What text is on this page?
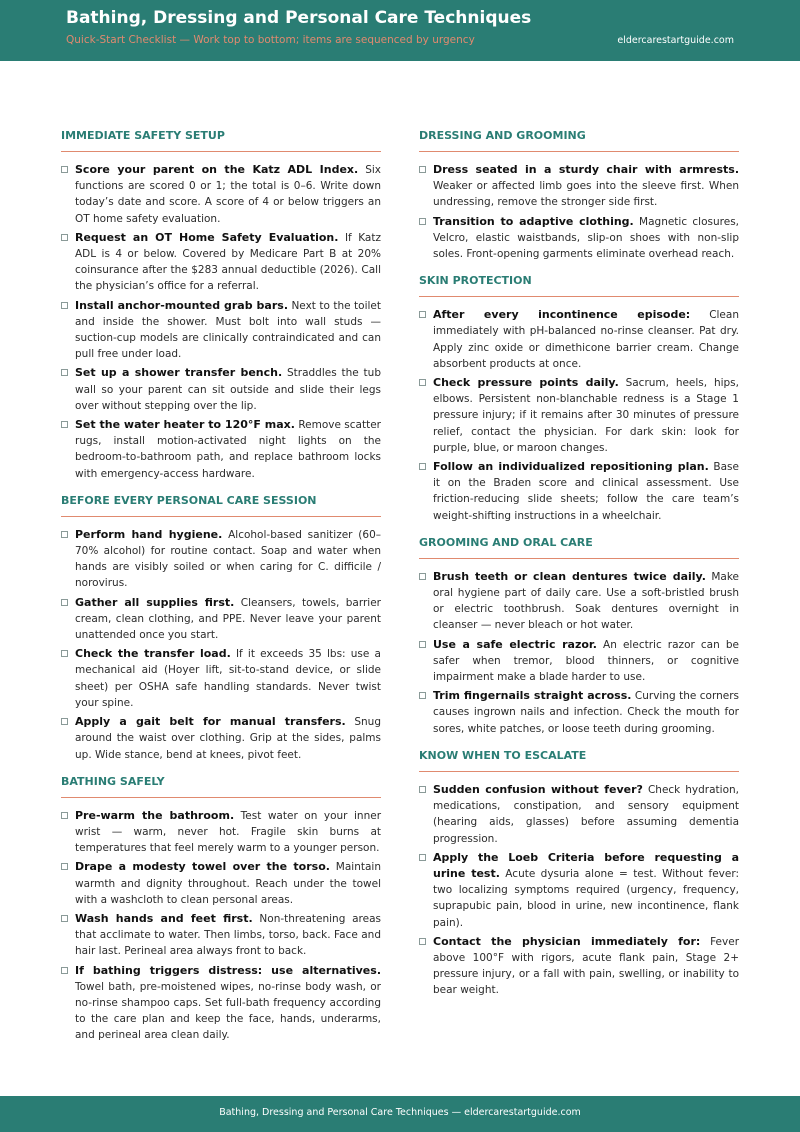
Bathing, Dressing and Personal Care Techniques
Quick-Start Checklist — Work top to bottom; items are sequenced by urgency	eldercarestartguide.com
IMMEDIATE SAFETY SETUP
Score your parent on the Katz ADL Index. Six functions are scored 0 or 1; the total is 0–6. Write down today’s date and score. A score of 4 or below triggers an OT home safety evaluation.
Request an OT Home Safety Evaluation. If Katz ADL is 4 or below. Covered by Medicare Part B at 20% coinsurance after the $283 annual deductible (2026). Call the physician’s office for a referral.
Install anchor-mounted grab bars. Next to the toilet and inside the shower. Must bolt into wall studs — suction-cup models are clinically contraindicated and can pull free under load.
Set up a shower transfer bench. Straddles the tub wall so your parent can sit outside and slide their legs over without stepping over the lip.
Set the water heater to 120°F max. Remove scatter rugs, install motion-activated night lights on the bedroom-to-bathroom path, and replace bathroom locks with emergency-access hardware.
BEFORE EVERY PERSONAL CARE SESSION
Perform hand hygiene. Alcohol-based sanitizer (60–70% alcohol) for routine contact. Soap and water when hands are visibly soiled or when caring for C. difficile / norovirus.
Gather all supplies first. Cleansers, towels, barrier cream, clean clothing, and PPE. Never leave your parent unattended once you start.
Check the transfer load. If it exceeds 35 lbs: use a mechanical aid (Hoyer lift, sit-to-stand device, or slide sheet) per OSHA safe handling standards. Never twist your spine.
Apply a gait belt for manual transfers. Snug around the waist over clothing. Grip at the sides, palms up. Wide stance, bend at knees, pivot feet.
BATHING SAFELY
Pre-warm the bathroom. Test water on your inner wrist — warm, never hot. Fragile skin burns at temperatures that feel merely warm to a younger person.
Drape a modesty towel over the torso. Maintain warmth and dignity throughout. Reach under the towel with a washcloth to clean personal areas.
Wash hands and feet first. Non-threatening areas that acclimate to water. Then limbs, torso, back. Face and hair last. Perineal area always front to back.
If bathing triggers distress: use alternatives. Towel bath, pre-moistened wipes, no-rinse body wash, or no-rinse shampoo caps. Set full-bath frequency according to the care plan and keep the face, hands, underarms, and perineal area clean daily.
DRESSING AND GROOMING
Dress seated in a sturdy chair with armrests. Weaker or affected limb goes into the sleeve first. When undressing, remove the stronger side first.
Transition to adaptive clothing. Magnetic closures, Velcro, elastic waistbands, slip-on shoes with non-slip soles. Front-opening garments eliminate overhead reach.
SKIN PROTECTION
After every incontinence episode: Clean immediately with pH-balanced no-rinse cleanser. Pat dry. Apply zinc oxide or dimethicone barrier cream. Change absorbent products at once.
Check pressure points daily. Sacrum, heels, hips, elbows. Persistent non-blanchable redness is a Stage 1 pressure injury; if it remains after 30 minutes of pressure relief, contact the physician. For dark skin: look for purple, blue, or maroon changes.
Follow an individualized repositioning plan. Base it on the Braden score and clinical assessment. Use friction-reducing slide sheets; follow the care team’s weight-shifting instructions in a wheelchair.
GROOMING AND ORAL CARE
Brush teeth or clean dentures twice daily. Make oral hygiene part of daily care. Use a soft-bristled brush or electric toothbrush. Soak dentures overnight in cleanser — never bleach or hot water.
Use a safe electric razor. An electric razor can be safer when tremor, blood thinners, or cognitive impairment make a blade harder to use.
Trim fingernails straight across. Curving the corners causes ingrown nails and infection. Check the mouth for sores, white patches, or loose teeth during grooming.
KNOW WHEN TO ESCALATE
Sudden confusion without fever? Check hydration, medications, constipation, and sensory equipment (hearing aids, glasses) before assuming dementia progression.
Apply the Loeb Criteria before requesting a urine test. Acute dysuria alone = test. Without fever: two localizing symptoms required (urgency, frequency, suprapubic pain, blood in urine, new incontinence, flank pain).
Contact the physician immediately for: Fever above 100°F with rigors, acute flank pain, Stage 2+ pressure injury, or a fall with pain, swelling, or inability to bear weight.
Bathing, Dressing and Personal Care Techniques — eldercarestartguide.com
